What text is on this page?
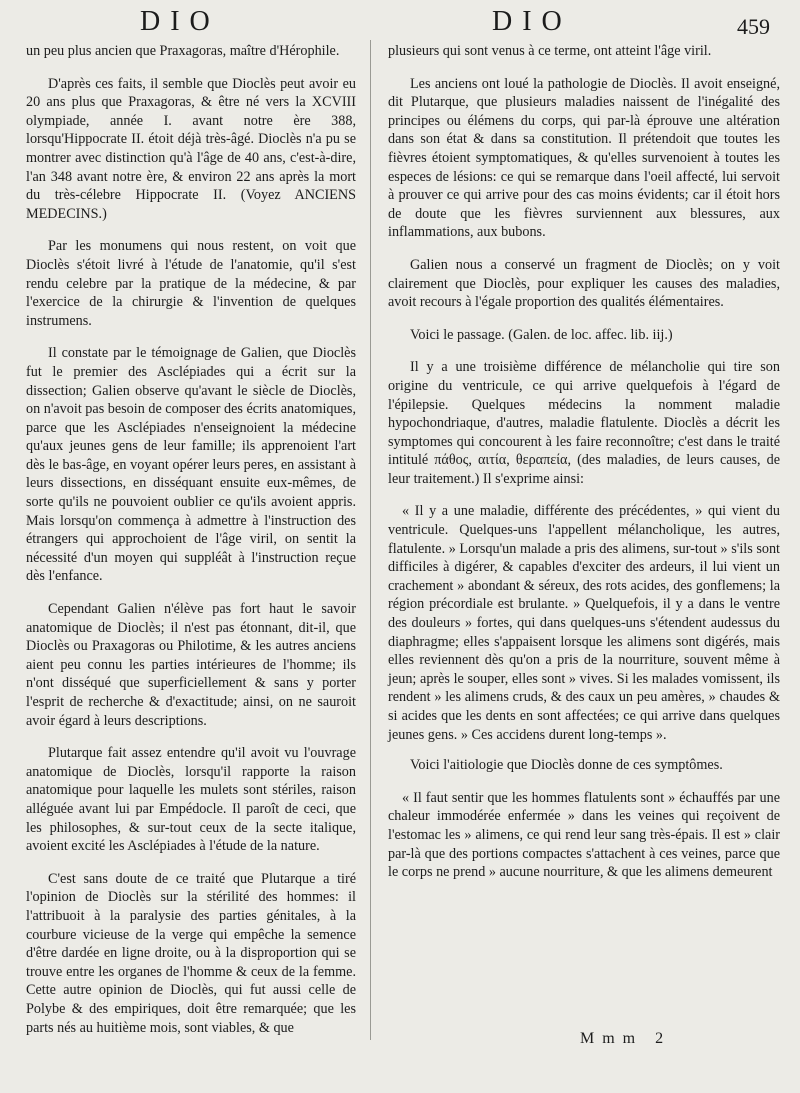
DIO	DIO	459

un peu plus ancien que Praxagoras, maître d'Hérophile.

D'après ces faits, il semble que Dioclès peut avoir eu 20 ans plus que Praxagoras, & être né vers la XCVIII olympiade, année I. avant notre ère 388, lorsqu'Hippocrate II. étoit déjà très-âgé. Dioclès n'a pu se montrer avec distinction qu'à l'âge de 40 ans, c'est-à-dire, l'an 348 avant notre ère, & environ 22 ans après la mort du très-célebre Hippocrate II. (Voyez ANCIENS MEDECINS.)

Par les monumens qui nous restent, on voit que Dioclès s'étoit livré à l'étude de l'anatomie, qu'il s'est rendu celebre par la pratique de la médecine, & par l'exercice de la chirurgie & l'invention de quelques instrumens.

Il constate par le témoignage de Galien, que Dioclès fut le premier des Asclépiades qui a écrit sur la dissection; Galien observe qu'avant le siècle de Dioclès, on n'avoit pas besoin de composer des écrits anatomiques, parce que les Asclépiades n'enseignoient la médecine qu'aux jeunes gens de leur famille; ils apprenoient l'art dès le bas-âge, en voyant opérer leurs peres, en assistant à leurs dissections, en disséquant ensuite eux-mêmes, de sorte qu'ils ne pouvoient oublier ce qu'ils avoient appris. Mais lorsqu'on commença à admettre à l'instruction des étrangers qui approchoient de l'âge viril, on sentit la nécessité d'un moyen qui suppléât à l'instruction reçue dès l'enfance.

Cependant Galien n'élève pas fort haut le savoir anatomique de Dioclès; il n'est pas étonnant, dit-il, que Dioclès ou Praxagoras ou Philotime, & les autres anciens aient peu connu les parties intérieures de l'homme; ils n'ont disséqué que superficiellement & sans y porter l'esprit de recherche & d'exactitude; ainsi, on ne sauroit avoir égard à leurs descriptions.

Plutarque fait assez entendre qu'il avoit vu l'ouvrage anatomique de Dioclès, lorsqu'il rapporte la raison anatomique pour laquelle les mulets sont stériles, raison alléguée avant lui par Empédocle. Il paroît de ceci, que les philosophes, & sur-tout ceux de la secte italique, avoient excité les Asclépiades à l'étude de la nature.

C'est sans doute de ce traité que Plutarque a tiré l'opinion de Dioclès sur la stérilité des hommes: il l'attribuoit à la paralysie des parties génitales, à la courbure vicieuse de la verge qui empêche la semence d'être dardée en ligne droite, ou à la disproportion qui se trouve entre les organes de l'homme & ceux de la femme. Cette autre opinion de Dioclès, qui fut aussi celle de Polybe & des empiriques, doit être remarquée; que les parts nés au huitième mois, sont viables, & que

plusieurs qui sont venus à ce terme, ont atteint l'âge viril.

Les anciens ont loué la pathologie de Dioclès. Il avoit enseigné, dit Plutarque, que plusieurs maladies naissent de l'inégalité des principes ou élémens du corps, qui par-là éprouve une altération dans son état & dans sa constitution. Il prétendoit que toutes les fièvres étoient symptomatiques, & qu'elles survenoient à toutes les especes de lésions: ce qui se remarque dans l'oeil affecté, lui servoit à prouver ce qui arrive pour des cas moins évidents; car il étoit hors de doute que les fièvres surviennent aux blessures, aux inflammations, aux bubons.

Galien nous a conservé un fragment de Dioclès; on y voit clairement que Dioclès, pour expliquer les causes des maladies, avoit recours à l'égale proportion des qualités élémentaires.

Voici le passage. (Galen. de loc. affec. lib. iij.)

Il y a une troisième différence de mélancholie qui tire son origine du ventricule, ce qui arrive quelquefois à l'égard de l'épilepsie. Quelques médecins la nomment maladie hypochondriaque, d'autres, maladie flatulente. Dioclès a décrit les symptomes qui concourent à les faire reconnoître; c'est dans le traité intitulé πάθος, αιτία, θεραπεία, (des maladies, de leurs causes, de leur traitement.) Il s'exprime ainsi:

« Il y a une maladie, différente des précédentes, » qui vient du ventricule. Quelques-uns l'appellent mélancholique, les autres, flatulente. » Lorsqu'un malade a pris des alimens, sur-tout » s'ils sont difficiles à digérer, & capables d'exciter des ardeurs, il lui vient un crachement » abondant & séreux, des rots acides, des gonflemens; la région précordiale est brulante. » Quelquefois, il y a dans le ventre des douleurs » fortes, qui dans quelques-uns s'étendent audessus du diaphragme; elles s'appaisent lorsque les alimens sont digérés, mais elles reviennent dès qu'on a pris de la nourriture, souvent même à jeun; après le souper, elles sont » vives. Si les malades vomissent, ils rendent » les alimens cruds, & des caux un peu amères, » chaudes & si acides que les dents en sont affectées; ce qui arrive dans quelques jeunes gens. » Ces accidens durent long-temps ».

Voici l'aitiologie que Dioclès donne de ces symptômes.

« Il faut sentir que les hommes flatulents sont » échauffés par une chaleur immodérée enfermée » dans les veines qui reçoivent de l'estomac les » alimens, ce qui rend leur sang très-épais. Il est » clair par-là que des portions compactes s'attachent à ces veines, parce que le corps ne prend » aucune nourriture, & que les alimens demeurent

Mmm 2
